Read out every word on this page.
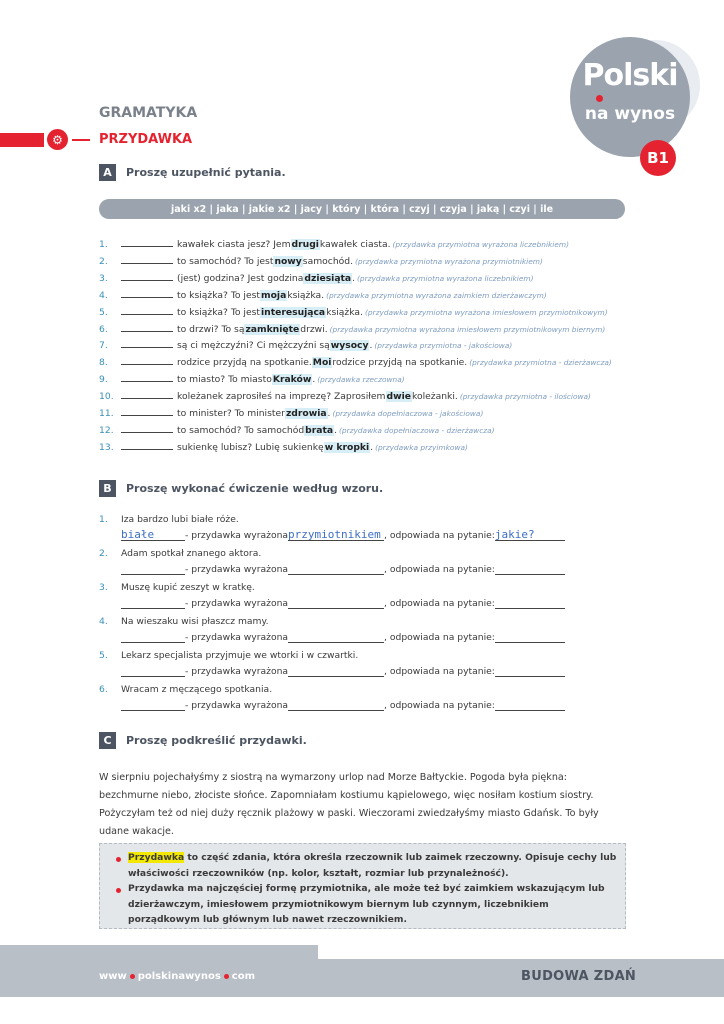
Polski
na wynos
B1
GRAMATYKA
⚙	PRZYDAWKA
A	Proszę uzupełnić pytania.
jaki x2 | jaka | jakie x2 | jacy | który | która | czyj | czyja | jaką | czyi | ile
1.	kawałek ciasta jesz? Jem drugi kawałek ciasta. (przydawka przymiotna wyrażona liczebnikiem)
2.	to samochód? To jest nowy samochód. (przydawka przymiotna wyrażona przymiotnikiem)
3.	(jest) godzina? Jest godzina dziesiąta . (przydawka przymiotna wyrażona liczebnikiem)
4.	to książka? To jest moja książka. (przydawka przymiotna wyrażona zaimkiem dzierżawczym)
5.	to książka? To jest interesująca książka. (przydawka przymiotna wyrażona imiesłowem przymiotnikowym)
6.	to drzwi? To są zamknięte drzwi. (przydawka przymiotna wyrażona imiesłowem przymiotnikowym biernym)
7.	są ci mężczyźni? Ci mężczyźni są wysocy . (przydawka przymiotna - jakościowa)
8.	rodzice przyjdą na spotkanie. Moi rodzice przyjdą na spotkanie. (przydawka przymiotna - dzierżawcza)
9.	to miasto? To miasto Kraków . (przydawka rzeczowna)
10.	koleżanek zaprosiłeś na imprezę? Zaprosiłem dwie koleżanki. (przydawka przymiotna - ilościowa)
11.	to minister? To minister zdrowia . (przydawka dopełniaczowa - jakościowa)
12.	to samochód? To samochód brata . (przydawka dopełniaczowa - dzierżawcza)
13.	sukienkę lubisz? Lubię sukienkę w kropki . (przydawka przyimkowa)
B	Proszę wykonać ćwiczenie według wzoru.
1. Iza bardzo lubi białe róże.
białe	- przydawka wyrażona przymiotnikiem , odpowiada na pytanie: jakie?
2. Adam spotkał znanego aktora.
- przydawka wyrażona	, odpowiada na pytanie:
3. Muszę kupić zeszyt w kratkę.
- przydawka wyrażona	, odpowiada na pytanie:
4. Na wieszaku wisi płaszcz mamy.
- przydawka wyrażona	, odpowiada na pytanie:
5. Lekarz specjalista przyjmuje we wtorki i w czwartki.
- przydawka wyrażona	, odpowiada na pytanie:
6. Wracam z męczącego spotkania.
- przydawka wyrażona	, odpowiada na pytanie:
C	Proszę podkreślić przydawki.
W sierpniu pojechałyśmy z siostrą na wymarzony urlop nad Morze Bałtyckie. Pogoda była piękna: bezchmurne niebo, złociste słońce. Zapomniałam kostiumu kąpielowego, więc nosiłam kostium siostry. Pożyczyłam też od niej duży ręcznik plażowy w paski. Wieczorami zwiedzałyśmy miasto Gdańsk. To były udane wakacje.
Przydawka to część zdania, która określa rzeczownik lub zaimek rzeczowny. Opisuje cechy lub właściwości rzeczowników (np. kolor, kształt, rozmiar lub przynależność).
Przydawka ma najczęściej formę przymiotnika, ale może też być zaimkiem wskazującym lub dzierżawczym, imiesłowem przymiotnikowym biernym lub czynnym, liczebnikiem porządkowym lub głównym lub nawet rzeczownikiem.
www polskinawynos com	BUDOWA ZDAŃ
